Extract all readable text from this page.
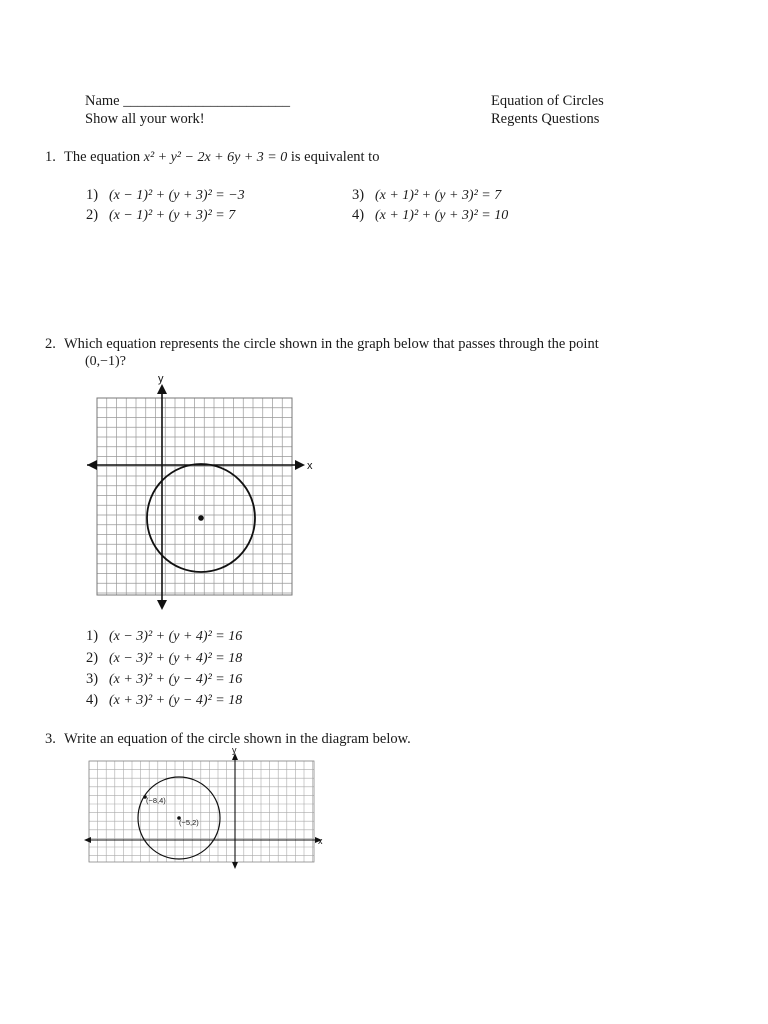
Name _______________________
Show all your work!
Equation of Circles
Regents Questions
1. The equation x² + y² − 2x + 6y + 3 = 0 is equivalent to
1) (x − 1)² + (y + 3)² = −3
2) (x − 1)² + (y + 3)² = 7
3) (x + 1)² + (y + 3)² = 7
4) (x + 1)² + (y + 3)² = 10
2. Which equation represents the circle shown in the graph below that passes through the point
(0,−1)?
x
y
1) (x − 3)² + (y + 4)² = 16
2) (x − 3)² + (y + 4)² = 18
3) (x + 3)² + (y − 4)² = 16
4) (x + 3)² + (y − 4)² = 18
3. Write an equation of the circle shown in the diagram below.
x
y
(−8,4)
(−5,2)
